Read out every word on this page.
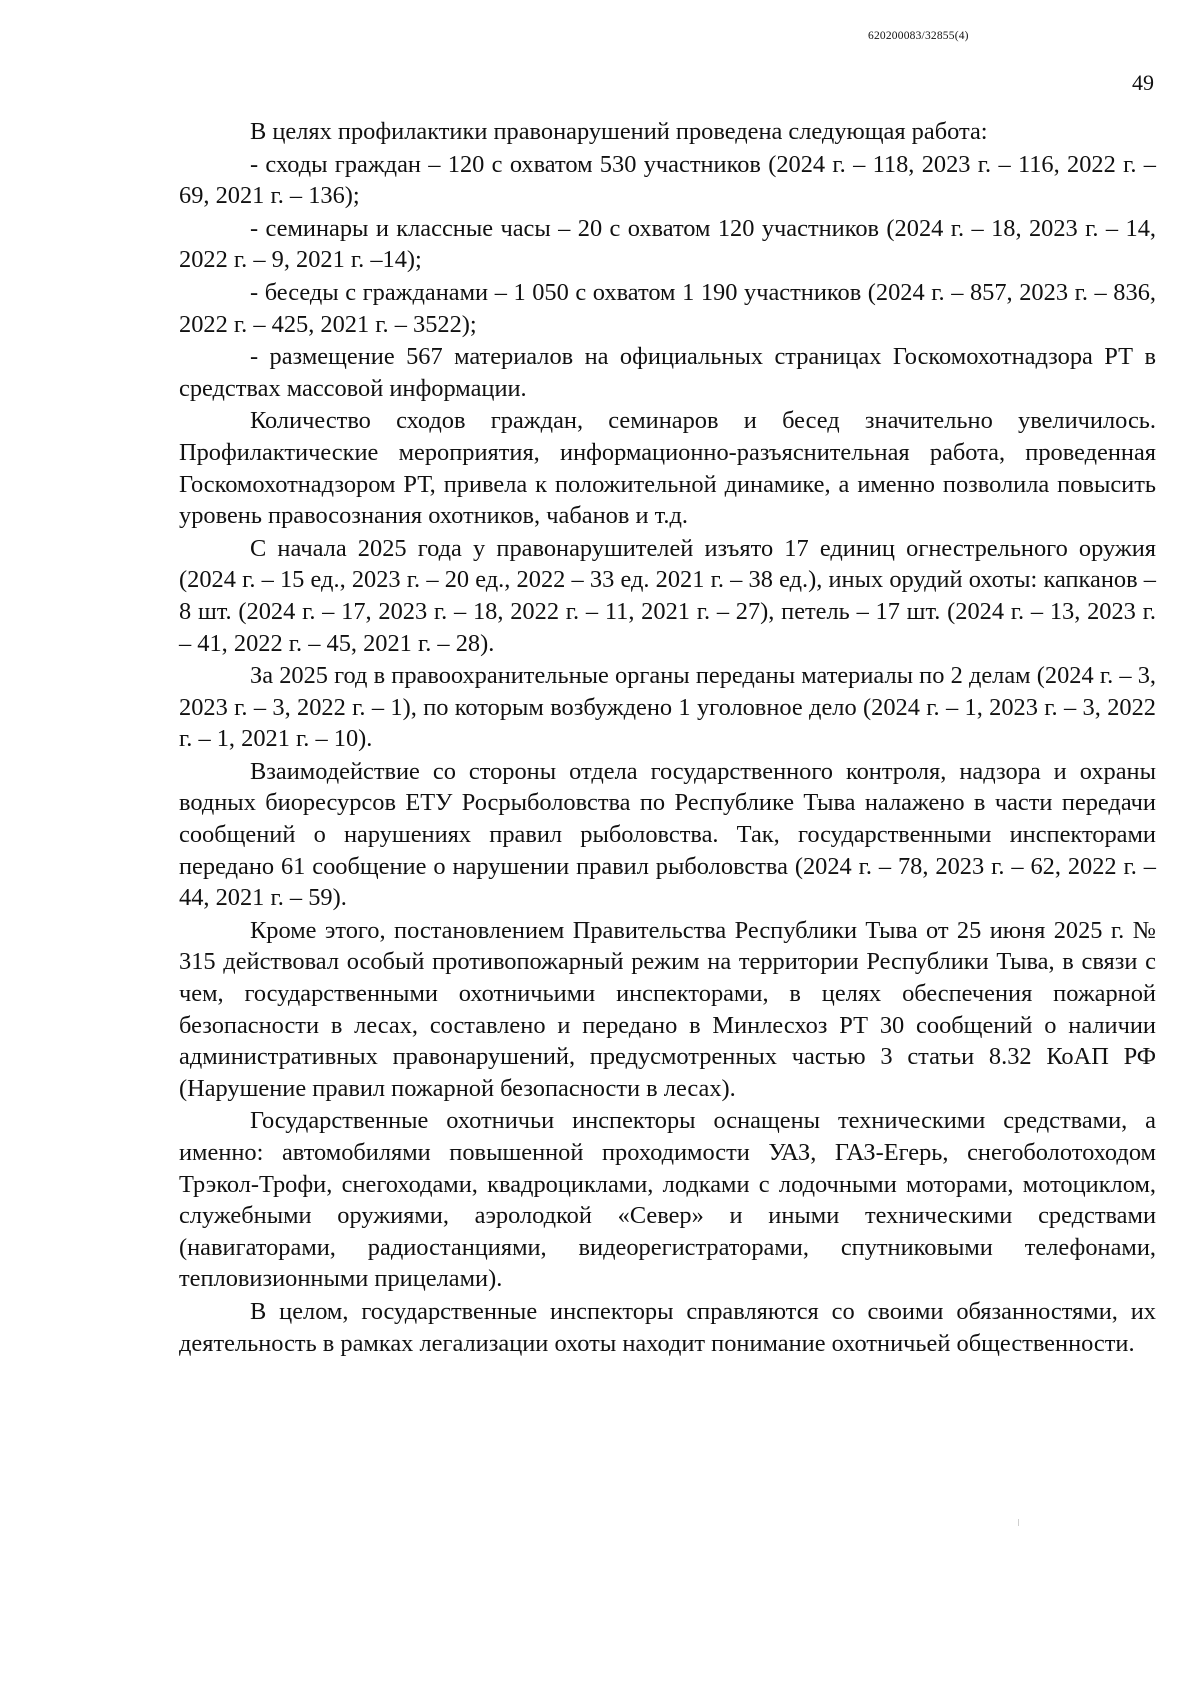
620200083/32855(4)
49

В целях профилактики правонарушений проведена следующая работа:

- сходы граждан – 120 с охватом 530 участников (2024 г. – 118, 2023 г. – 116, 2022 г. – 69, 2021 г. – 136);

- семинары и классные часы – 20 с охватом 120 участников (2024 г. – 18, 2023 г. – 14, 2022 г. – 9, 2021 г. –14);

- беседы с гражданами – 1 050 с охватом 1 190 участников (2024 г. – 857, 2023 г. – 836, 2022 г. – 425, 2021 г. – 3522);

- размещение 567 материалов на официальных страницах Госкомохотнадзора РТ в средствах массовой информации.

Количество сходов граждан, семинаров и бесед значительно увеличилось. Профилактические мероприятия, информационно-разъяснительная работа, проведенная Госкомохотнадзором РТ, привела к положительной динамике, а именно позволила повысить уровень правосознания охотников, чабанов и т.д.

С начала 2025 года у правонарушителей изъято 17 единиц огнестрельного оружия (2024 г. – 15 ед., 2023 г. – 20 ед., 2022 – 33 ед. 2021 г. – 38 ед.), иных орудий охоты: капканов – 8 шт. (2024 г. – 17, 2023 г. – 18, 2022 г. – 11, 2021 г. – 27), петель – 17 шт. (2024 г. – 13, 2023 г. – 41, 2022 г. – 45, 2021 г. – 28).

За 2025 год в правоохранительные органы переданы материалы по 2 делам (2024 г. – 3, 2023 г. – 3, 2022 г. – 1), по которым возбуждено 1 уголовное дело (2024 г. – 1, 2023 г. – 3, 2022 г. – 1, 2021 г. – 10).

Взаимодействие со стороны отдела государственного контроля, надзора и охраны водных биоресурсов ЕТУ Росрыболовства по Республике Тыва налажено в части передачи сообщений о нарушениях правил рыболовства. Так, государственными инспекторами передано 61 сообщение о нарушении правил рыболовства (2024 г. – 78, 2023 г. – 62, 2022 г. – 44, 2021 г. – 59).

Кроме этого, постановлением Правительства Республики Тыва от 25 июня 2025 г. № 315 действовал особый противопожарный режим на территории Республики Тыва, в связи с чем, государственными охотничьими инспекторами, в целях обеспечения пожарной безопасности в лесах, составлено и передано в Минлесхоз РТ 30 сообщений о наличии административных правонарушений, предусмотренных частью 3 статьи 8.32 КоАП РФ (Нарушение правил пожарной безопасности в лесах).

Государственные охотничьи инспекторы оснащены техническими средствами, а именно: автомобилями повышенной проходимости УАЗ, ГАЗ-Егерь, снегоболотоходом Трэкол-Трофи, снегоходами, квадроциклами, лодками с лодочными моторами, мотоциклом, служебными оружиями, аэролодкой «Север» и иными техническими средствами (навигаторами, радиостанциями, видеорегистраторами, спутниковыми телефонами, тепловизионными прицелами).

В целом, государственные инспекторы справляются со своими обязанностями, их деятельность в рамках легализации охоты находит понимание охотничьей общественности.
